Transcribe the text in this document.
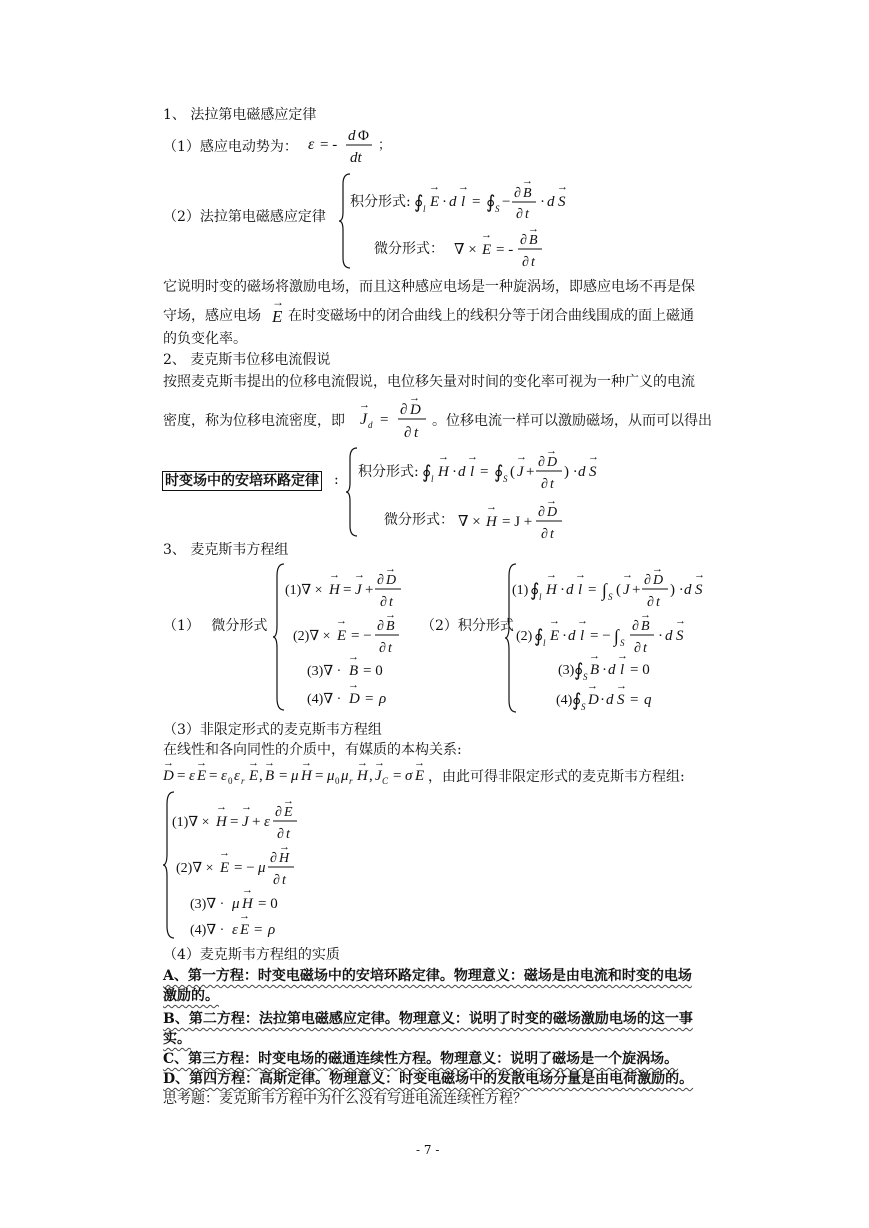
1、 法拉第电磁感应定律
（1）感应电动势为： ε = -
d Φ
dt
；
（2）法拉第电磁感应定律
积分形式: ∮ l E
→
· d l
→
= ∮ S −
∂ B
→
∂ t
· d S
→
微分形式： ∇ × E
→
= -
∂ B
→
∂ t
它说明时变的磁场将激励电场，而且这种感应电场是一种旋涡场，即感应电场不再是保
守场，感应电场 E
→
在时变磁场中的闭合曲线上的线积分等于闭合曲线围成的面上磁通
的负变化率。
2、 麦克斯韦位移电流假说
按照麦克斯韦提出的位移电流假说，电位移矢量对时间的变化率可视为一种广义的电流
密度，称为位移电流密度，即 J d
→
=
∂ D
→
∂ t
。位移电流一样可以激励磁场，从而可以得出
时变场中的安培环路定律 : 积分形式: ∮ l H
→
· d l
→
= ∮ S ( J
→
+
∂ D
→
∂ t
) · d S
→
微分形式： ∇ × H
→
= J +
∂ D
→
∂ t
3、 麦克斯韦方程组
（1）　 微分形式
(1)∇ × H
→
= J
→
+
∂ D
→
∂ t
(2)∇ × E
→
= −
∂ B
→
∂ t
(3)∇ · B
→
= 0
(4)∇ · D
→
= ρ
（2）积分形式
(1) ∮ l H
→
· d l
→
= ∫ S ( J
→
+
∂ D
→
∂ t
) · d S
→
(2) ∮ l E
→
· d l
→
= − ∫ S
∂ B
→
∂ t
· d S
→
(3) ∮ S B
→
· d l
→
= 0
(4) ∮ S D
→
· d S
→
= q
（3）非限定形式的麦克斯韦方程组
在线性和各向同性的介质中，有媒质的本构关系:
D
→
= ε E
→
= ε 0 ε r E
→
, B
→
= μ H
→
= μ 0 μ r H
→
, J C
→
= σ E
→
，由此可得非限定形式的麦克斯韦方程组:
(1)∇ × H
→
= J
→
+ ε
∂ E
→
∂ t
(2)∇ × E
→
= − μ
∂ H
→
∂ t
(3)∇ · μ H
→
= 0
(4)∇ · ε E
→
= ρ
（4）麦克斯韦方程组的实质
A、第一方程：时变电磁场中的安培环路定律。物理意义：磁场是由电流和时变的电场
激励的。
B、第二方程：法拉第电磁感应定律。物理意义：说明了时变的磁场激励电场的这一事
实。
C、第三方程：时变电场的磁通连续性方程。物理意义：说明了磁场是一个旋涡场。
D、第四方程：高斯定律。物理意义：时变电磁场中的发散电场分量是由电荷激励的。
思考题：麦克斯韦方程中为什么没有写进电流连续性方程？
- 7 -
